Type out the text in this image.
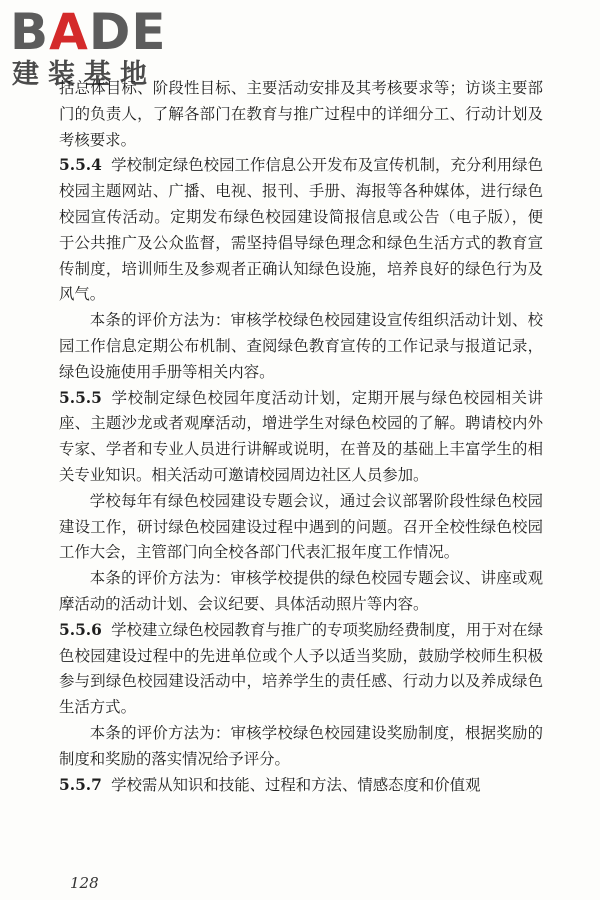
BADE
建装基地

括总体目标、阶段性目标、主要活动安排及其考核要求等；访谈主要部门的负责人，了解各部门在教育与推广过程中的详细分工、行动计划及考核要求。

5.5.4 学校制定绿色校园工作信息公开发布及宣传机制，充分利用绿色校园主题网站、广播、电视、报刊、手册、海报等各种媒体，进行绿色校园宣传活动。定期发布绿色校园建设简报信息或公告（电子版），便于公共推广及公众监督，需坚持倡导绿色理念和绿色生活方式的教育宣传制度，培训师生及参观者正确认知绿色设施，培养良好的绿色行为及风气。

本条的评价方法为：审核学校绿色校园建设宣传组织活动计划、校园工作信息定期公布机制、查阅绿色教育宣传的工作记录与报道记录，绿色设施使用手册等相关内容。

5.5.5 学校制定绿色校园年度活动计划，定期开展与绿色校园相关讲座、主题沙龙或者观摩活动，增进学生对绿色校园的了解。聘请校内外专家、学者和专业人员进行讲解或说明，在普及的基础上丰富学生的相关专业知识。相关活动可邀请校园周边社区人员参加。

学校每年有绿色校园建设专题会议，通过会议部署阶段性绿色校园建设工作，研讨绿色校园建设过程中遇到的问题。召开全校性绿色校园工作大会，主管部门向全校各部门代表汇报年度工作情况。

本条的评价方法为：审核学校提供的绿色校园专题会议、讲座或观摩活动的活动计划、会议纪要、具体活动照片等内容。

5.5.6 学校建立绿色校园教育与推广的专项奖励经费制度，用于对在绿色校园建设过程中的先进单位或个人予以适当奖励，鼓励学校师生积极参与到绿色校园建设活动中，培养学生的责任感、行动力以及养成绿色生活方式。

本条的评价方法为：审核学校绿色校园建设奖励制度，根据奖励的制度和奖励的落实情况给予评分。

5.5.7 学校需从知识和技能、过程和方法、情感态度和价值观

128
